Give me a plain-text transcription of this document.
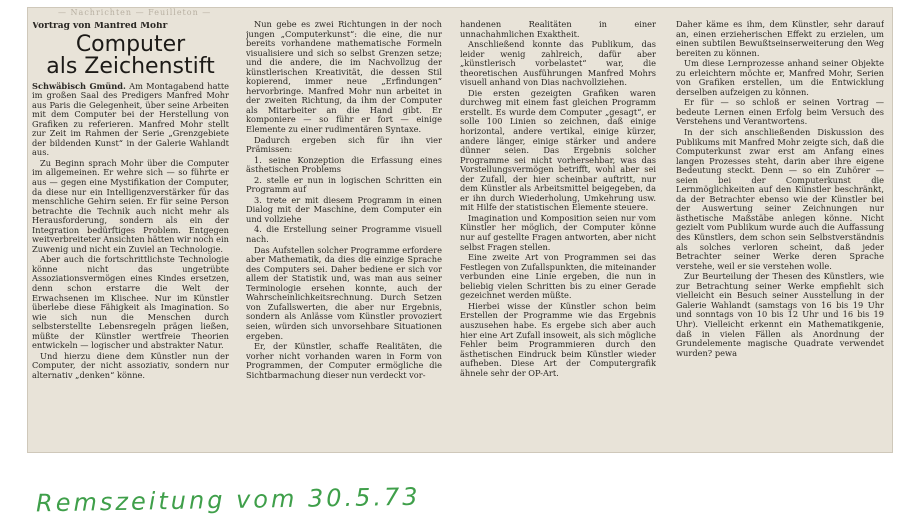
— Nachrichten — Feuilleton —
Vortrag von Manfred Mohr
Computer
als Zeichenstift

Schwäbisch Gmünd. Am Montagabend hatte im großen Saal des Predigers Manfred Mohr aus Paris die Gelegenheit, über seine Arbeiten mit dem Computer bei der Herstellung von Grafiken zu referieren. Manfred Mohr stellt zur Zeit im Rahmen der Serie „Grenzgebiete der bildenden Kunst“ in der Galerie Wahlandt aus.

Zu Beginn sprach Mohr über die Computer im allgemeinen. Er wehre sich — so führte er aus — gegen eine Mystifikation der Computer, da diese nur ein Intelligenzverstärker für das menschliche Gehirn seien. Er für seine Person betrachte die Technik auch nicht mehr als Herausforderung, sondern als ein der Integration bedürftiges Problem. Entgegen weitverbreiteter Ansichten hätten wir noch ein Zuwenig und nicht ein Zuviel an Technologie.

Aber auch die fortschrittlichste Technologie könne nicht das ungetrübte Assoziationsvermögen eines Kindes ersetzen, denn schon erstarre die Welt der Erwachsenen im Klischee. Nur im Künstler überlebe diese Fähigkeit als Imagination. So wie sich nun die Menschen durch selbsterstellte Lebensregeln prägen ließen, müßte der Künstler wertfreie Theorien entwickeln — logischer und abstrakter Natur.

Und hierzu diene dem Künstler nun der Computer, der nicht assoziativ, sondern nur alternativ „denken“ könne.

Nun gebe es zwei Richtungen in der noch jungen „Computerkunst“: die eine, die nur bereits vorhandene mathematische Formeln visualisiere und sich so selbst Grenzen setze; und die andere, die im Nachvollzug der künstlerischen Kreativität, die dessen Stil kopierend, immer neue „Erfindungen“ hervorbringe. Manfred Mohr nun arbeitet in der zweiten Richtung, da ihm der Computer als Mitarbeiter an die Hand gibt. Er komponiere — so führ er fort — einige Elemente zu einer rudimentären Syntaxe.

Dadurch ergeben sich für ihn vier Prämissen:

1. seine Konzeption die Erfassung eines ästhetischen Problems

2. stelle er nun in logischen Schritten ein Programm auf

3. trete er mit diesem Programm in einen Dialog mit der Maschine, dem Computer ein und vollziehe

4. die Erstellung seiner Programme visuell nach.

Das Aufstellen solcher Programme erfordere aber Mathematik, da dies die einzige Sprache des Computers sei. Daher bediene er sich vor allem der Statistik und, was man aus seiner Terminologie ersehen konnte, auch der Wahrscheinlichkeitsrechnung. Durch Setzen von Zufallswerten, die aber nur Ergebnis, sondern als Anlässe vom Künstler provoziert seien, würden sich unvorsehbare Situationen ergeben.

Er, der Künstler, schaffe Realitäten, die vorher nicht vorhanden waren in Form von Programmen, der Computer ermögliche die Sichtbarmachung dieser nun verdeckt vor-

handenen Realitäten in einer unnachahmlichen Exaktheit.

Anschließend konnte das Publikum, das leider wenig zahlreich, dafür aber „künstlerisch vorbelastet“ war, die theoretischen Ausführungen Manfred Mohrs visuell anhand von Dias nachvollziehen.

Die ersten gezeigten Grafiken waren durchweg mit einem fast gleichen Programm erstellt. Es wurde dem Computer „gesagt“, er solle 100 Linien so zeichnen, daß einige horizontal, andere vertikal, einige kürzer, andere länger, einige stärker und andere dünner seien. Das Ergebnis solcher Programme sei nicht vorhersehbar, was das Vorstellungsvermögen betrifft, wohl aber sei der Zufall, der hier scheinbar auftritt, nur dem Künstler als Arbeitsmittel beigegeben, da er ihn durch Wiederholung, Umkehrung usw. mit Hilfe der statistischen Elemente steuere.

Imagination und Komposition seien nur vom Künstler her möglich, der Computer könne nur auf gestellte Fragen antworten, aber nicht selbst Fragen stellen.

Eine zweite Art von Programmen sei das Festlegen von Zufallspunkten, die miteinander verbunden eine Linie ergeben, die nun in beliebig vielen Schritten bis zu einer Gerade gezeichnet werden müßte.

Hierbei wisse der Künstler schon beim Erstellen der Programme wie das Ergebnis auszusehen habe. Es ergebe sich aber auch hier eine Art Zufall insoweit, als sich mögliche Fehler beim Programmieren durch den ästhetischen Eindruck beim Künstler wieder aufheben. Diese Art der Computergrafik ähnele sehr der OP-Art.

Daher käme es ihm, dem Künstler, sehr darauf an, einen erzieherischen Effekt zu erzielen, um einen subtilen Bewußtseinserweiterung den Weg bereiten zu können.

Um diese Lernprozesse anhand seiner Objekte zu erleichtern möchte er, Manfred Mohr, Serien von Grafiken erstellen, um die Entwicklung derselben aufzeigen zu können.

Er für — so schloß er seinen Vortrag — bedeute Lernen einen Erfolg beim Versuch des Verstehens und Verantwortens.

In der sich anschließenden Diskussion des Publikums mit Manfred Mohr zeigte sich, daß die Computerkunst zwar erst am Anfang eines langen Prozesses steht, darin aber ihre eigene Bedeutung steckt. Denn — so ein Zuhörer — seien bei der Computerkunst die Lernmöglichkeiten auf den Künstler beschränkt, da der Betrachter ebenso wie der Künstler bei der Auswertung seiner Zeichnungen nur ästhetische Maßstäbe anlegen könne. Nicht gezielt vom Publikum wurde auch die Auffassung des Künstlers, dem schon sein Selbstverständnis als solches verloren scheint, daß jeder Betrachter seiner Werke deren Sprache verstehe, weil er sie verstehen wolle.

Zur Beurteilung der Thesen des Künstlers, wie zur Betrachtung seiner Werke empfiehlt sich vielleicht ein Besuch seiner Ausstellung in der Galerie Wahlandt (samstags von 16 bis 19 Uhr und sonntags von 10 bis 12 Uhr und 16 bis 19 Uhr). Vielleicht erkennt ein Mathematikgenie, daß in vielen Fällen als Anordnung der Grundelemente magische Quadrate verwendet wurden? pewa

Remszeitung vom 30.5.73
